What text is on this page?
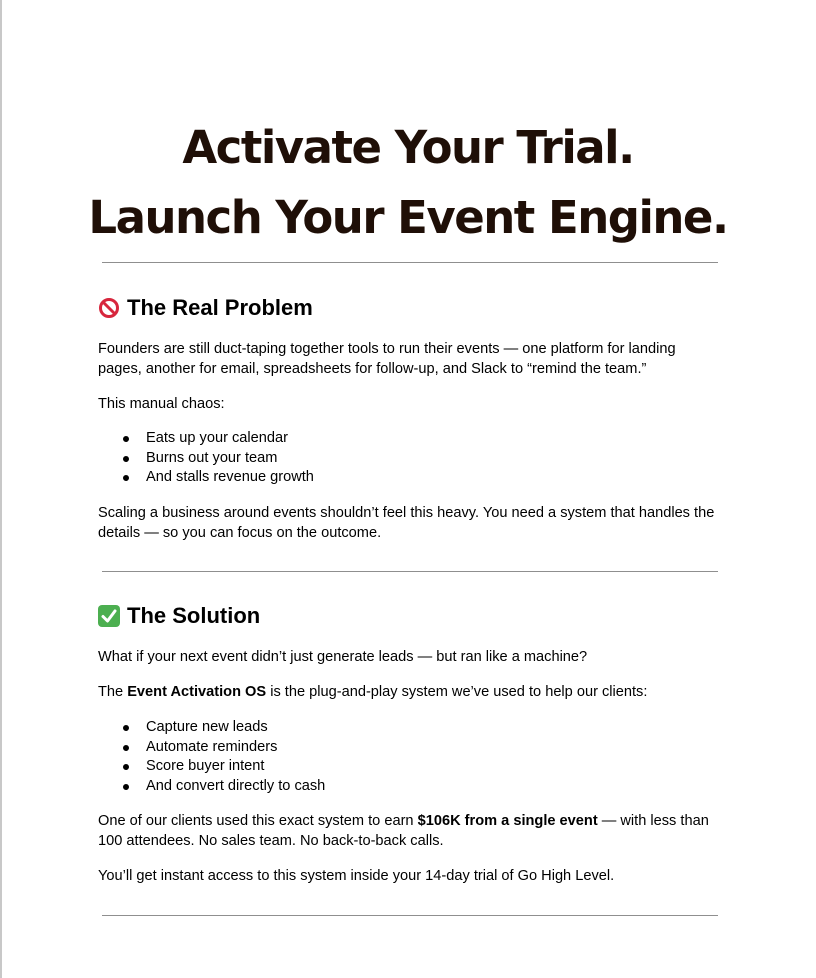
Activate Your Trial.
Launch Your Event Engine.
The Real Problem

Founders are still duct-taping together tools to run their events — one platform for landing pages, another for email, spreadsheets for follow-up, and Slack to “remind the team.”

This manual chaos:

Eats up your calendar
Burns out your team
And stalls revenue growth

Scaling a business around events shouldn’t feel this heavy. You need a system that handles the details — so you can focus on the outcome.

The Solution

What if your next event didn’t just generate leads — but ran like a machine?

The Event Activation OS is the plug-and-play system we’ve used to help our clients:

Capture new leads
Automate reminders
Score buyer intent
And convert directly to cash

One of our clients used this exact system to earn $106K from a single event — with less than 100 attendees. No sales team. No back-to-back calls.

You’ll get instant access to this system inside your 14-day trial of Go High Level.
